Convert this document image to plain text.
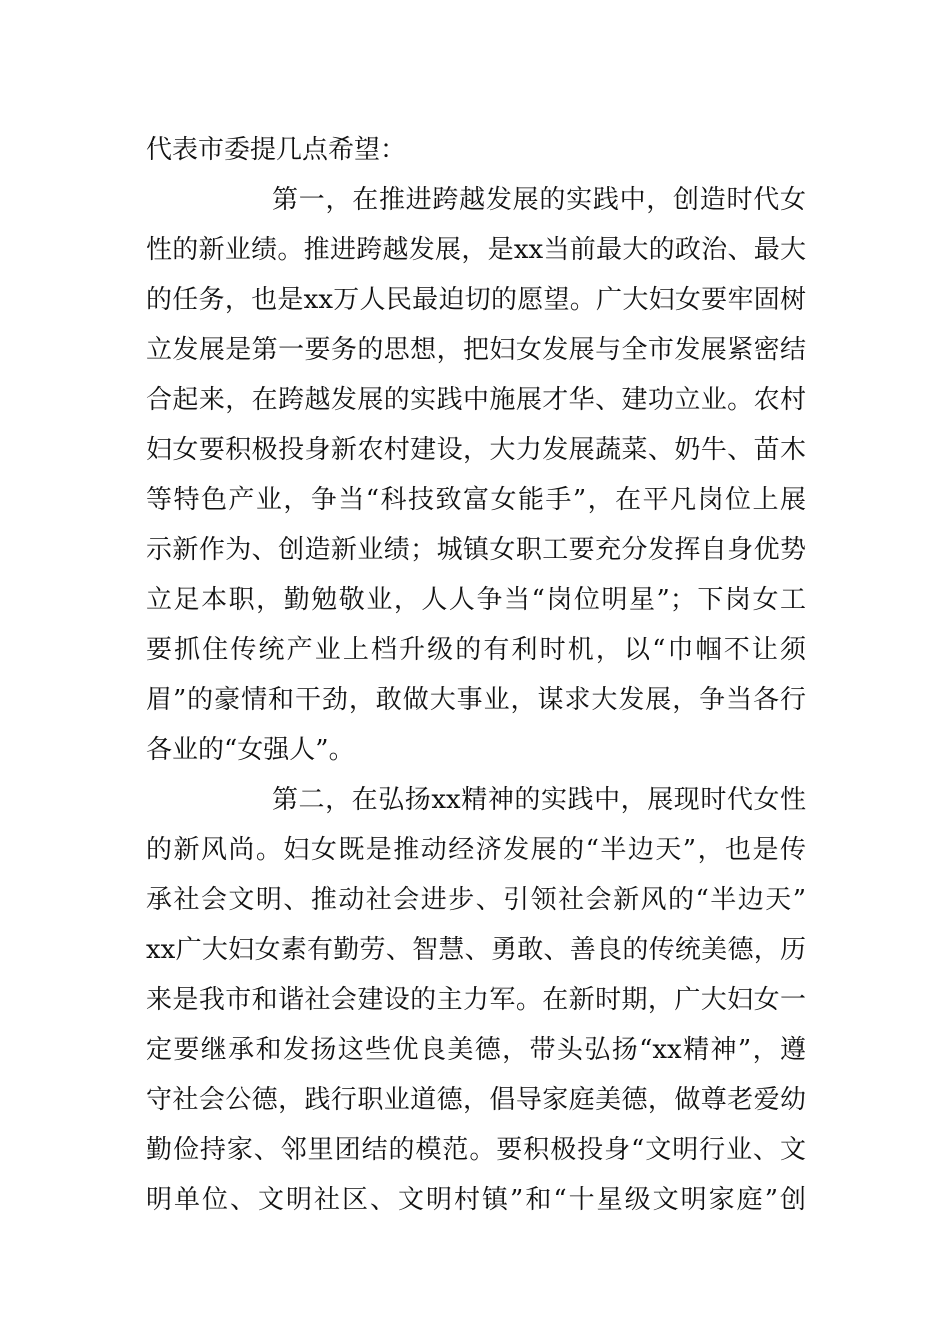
代表市委提几点希望：
第一，在推进跨越发展的实践中，创造时代女
性的新业绩。推进跨越发展，是xx当前最大的政治、最大
的任务，也是xx万人民最迫切的愿望。广大妇女要牢固树
立发展是第一要务的思想，把妇女发展与全市发展紧密结
合起来，在跨越发展的实践中施展才华、建功立业。农村
妇女要积极投身新农村建设，大力发展蔬菜、奶牛、苗木
等特色产业，争当“科技致富女能手”，在平凡岗位上展
示新作为、创造新业绩；城镇女职工要充分发挥自身优势
立足本职，勤勉敬业，人人争当“岗位明星”；下岗女工
要抓住传统产业上档升级的有利时机，以“巾帼不让须
眉”的豪情和干劲，敢做大事业，谋求大发展，争当各行
各业的“女强人”。
第二，在弘扬xx精神的实践中，展现时代女性
的新风尚。妇女既是推动经济发展的“半边天”，也是传
承社会文明、推动社会进步、引领社会新风的“半边天”
xx广大妇女素有勤劳、智慧、勇敢、善良的传统美德，历
来是我市和谐社会建设的主力军。在新时期，广大妇女一
定要继承和发扬这些优良美德，带头弘扬“xx精神”，遵
守社会公德，践行职业道德，倡导家庭美德，做尊老爱幼
勤俭持家、邻里团结的模范。要积极投身“文明行业、文
明单位、文明社区、文明村镇”和“十星级文明家庭”创
